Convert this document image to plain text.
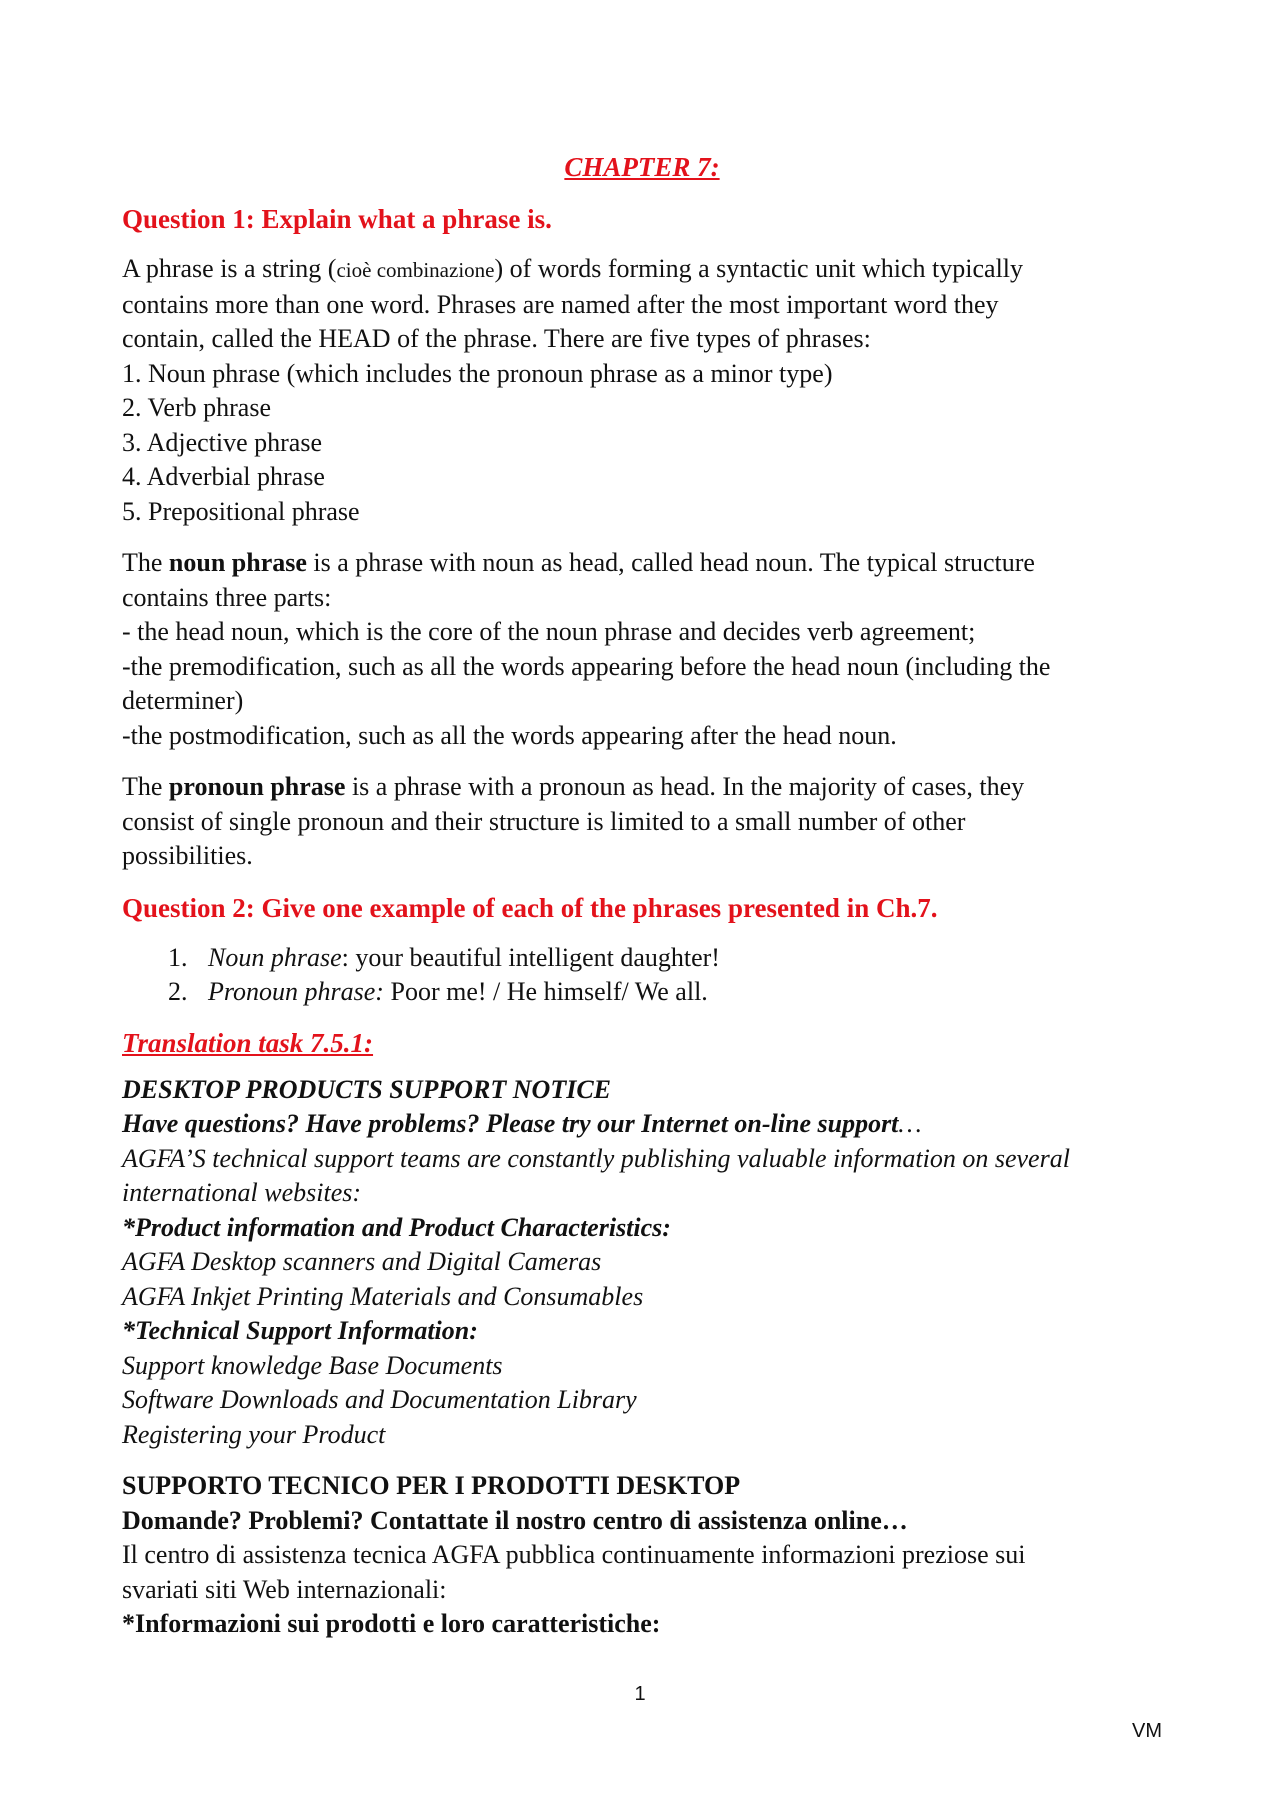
CHAPTER 7:
Question 1: Explain what a phrase is.

A phrase is a string (cioè combinazione) of words forming a syntactic unit which typically

contains more than one word. Phrases are named after the most important word they
contain, called the HEAD of the phrase. There are five types of phrases:
1. Noun phrase (which includes the pronoun phrase as a minor type)
2. Verb phrase
3. Adjective phrase
4. Adverbial phrase
5. Prepositional phrase

The noun phrase is a phrase with noun as head, called head noun. The typical structure

contains three parts:
- the head noun, which is the core of the noun phrase and decides verb agreement;
-the premodification, such as all the words appearing before the head noun (including the
determiner)
-the postmodification, such as all the words appearing after the head noun.

The pronoun phrase is a phrase with a pronoun as head. In the majority of cases, they

consist of single pronoun and their structure is limited to a small number of other
possibilities.
Question 2: Give one example of each of the phrases presented in Ch.7.
1. Noun phrase: your beautiful intelligent daughter!
2. Pronoun phrase: Poor me! / He himself/ We all.
Translation task 7.5.1:

DESKTOP PRODUCTS SUPPORT NOTICE

Have questions? Have problems? Please try our Internet on-line support…

AGFA’S technical support teams are constantly publishing valuable information on several
international websites:

*Product information and Product Characteristics:

AGFA Desktop scanners and Digital Cameras
AGFA Inkjet Printing Materials and Consumables

*Technical Support Information:

Support knowledge Base Documents
Software Downloads and Documentation Library
Registering your Product

SUPPORTO TECNICO PER I PRODOTTI DESKTOP

Domande? Problemi? Contattate il nostro centro di assistenza online…

Il centro di assistenza tecnica AGFA pubblica continuamente informazioni preziose sui
svariati siti Web internazionali:

*Informazioni sui prodotti e loro caratteristiche:

1
VM
